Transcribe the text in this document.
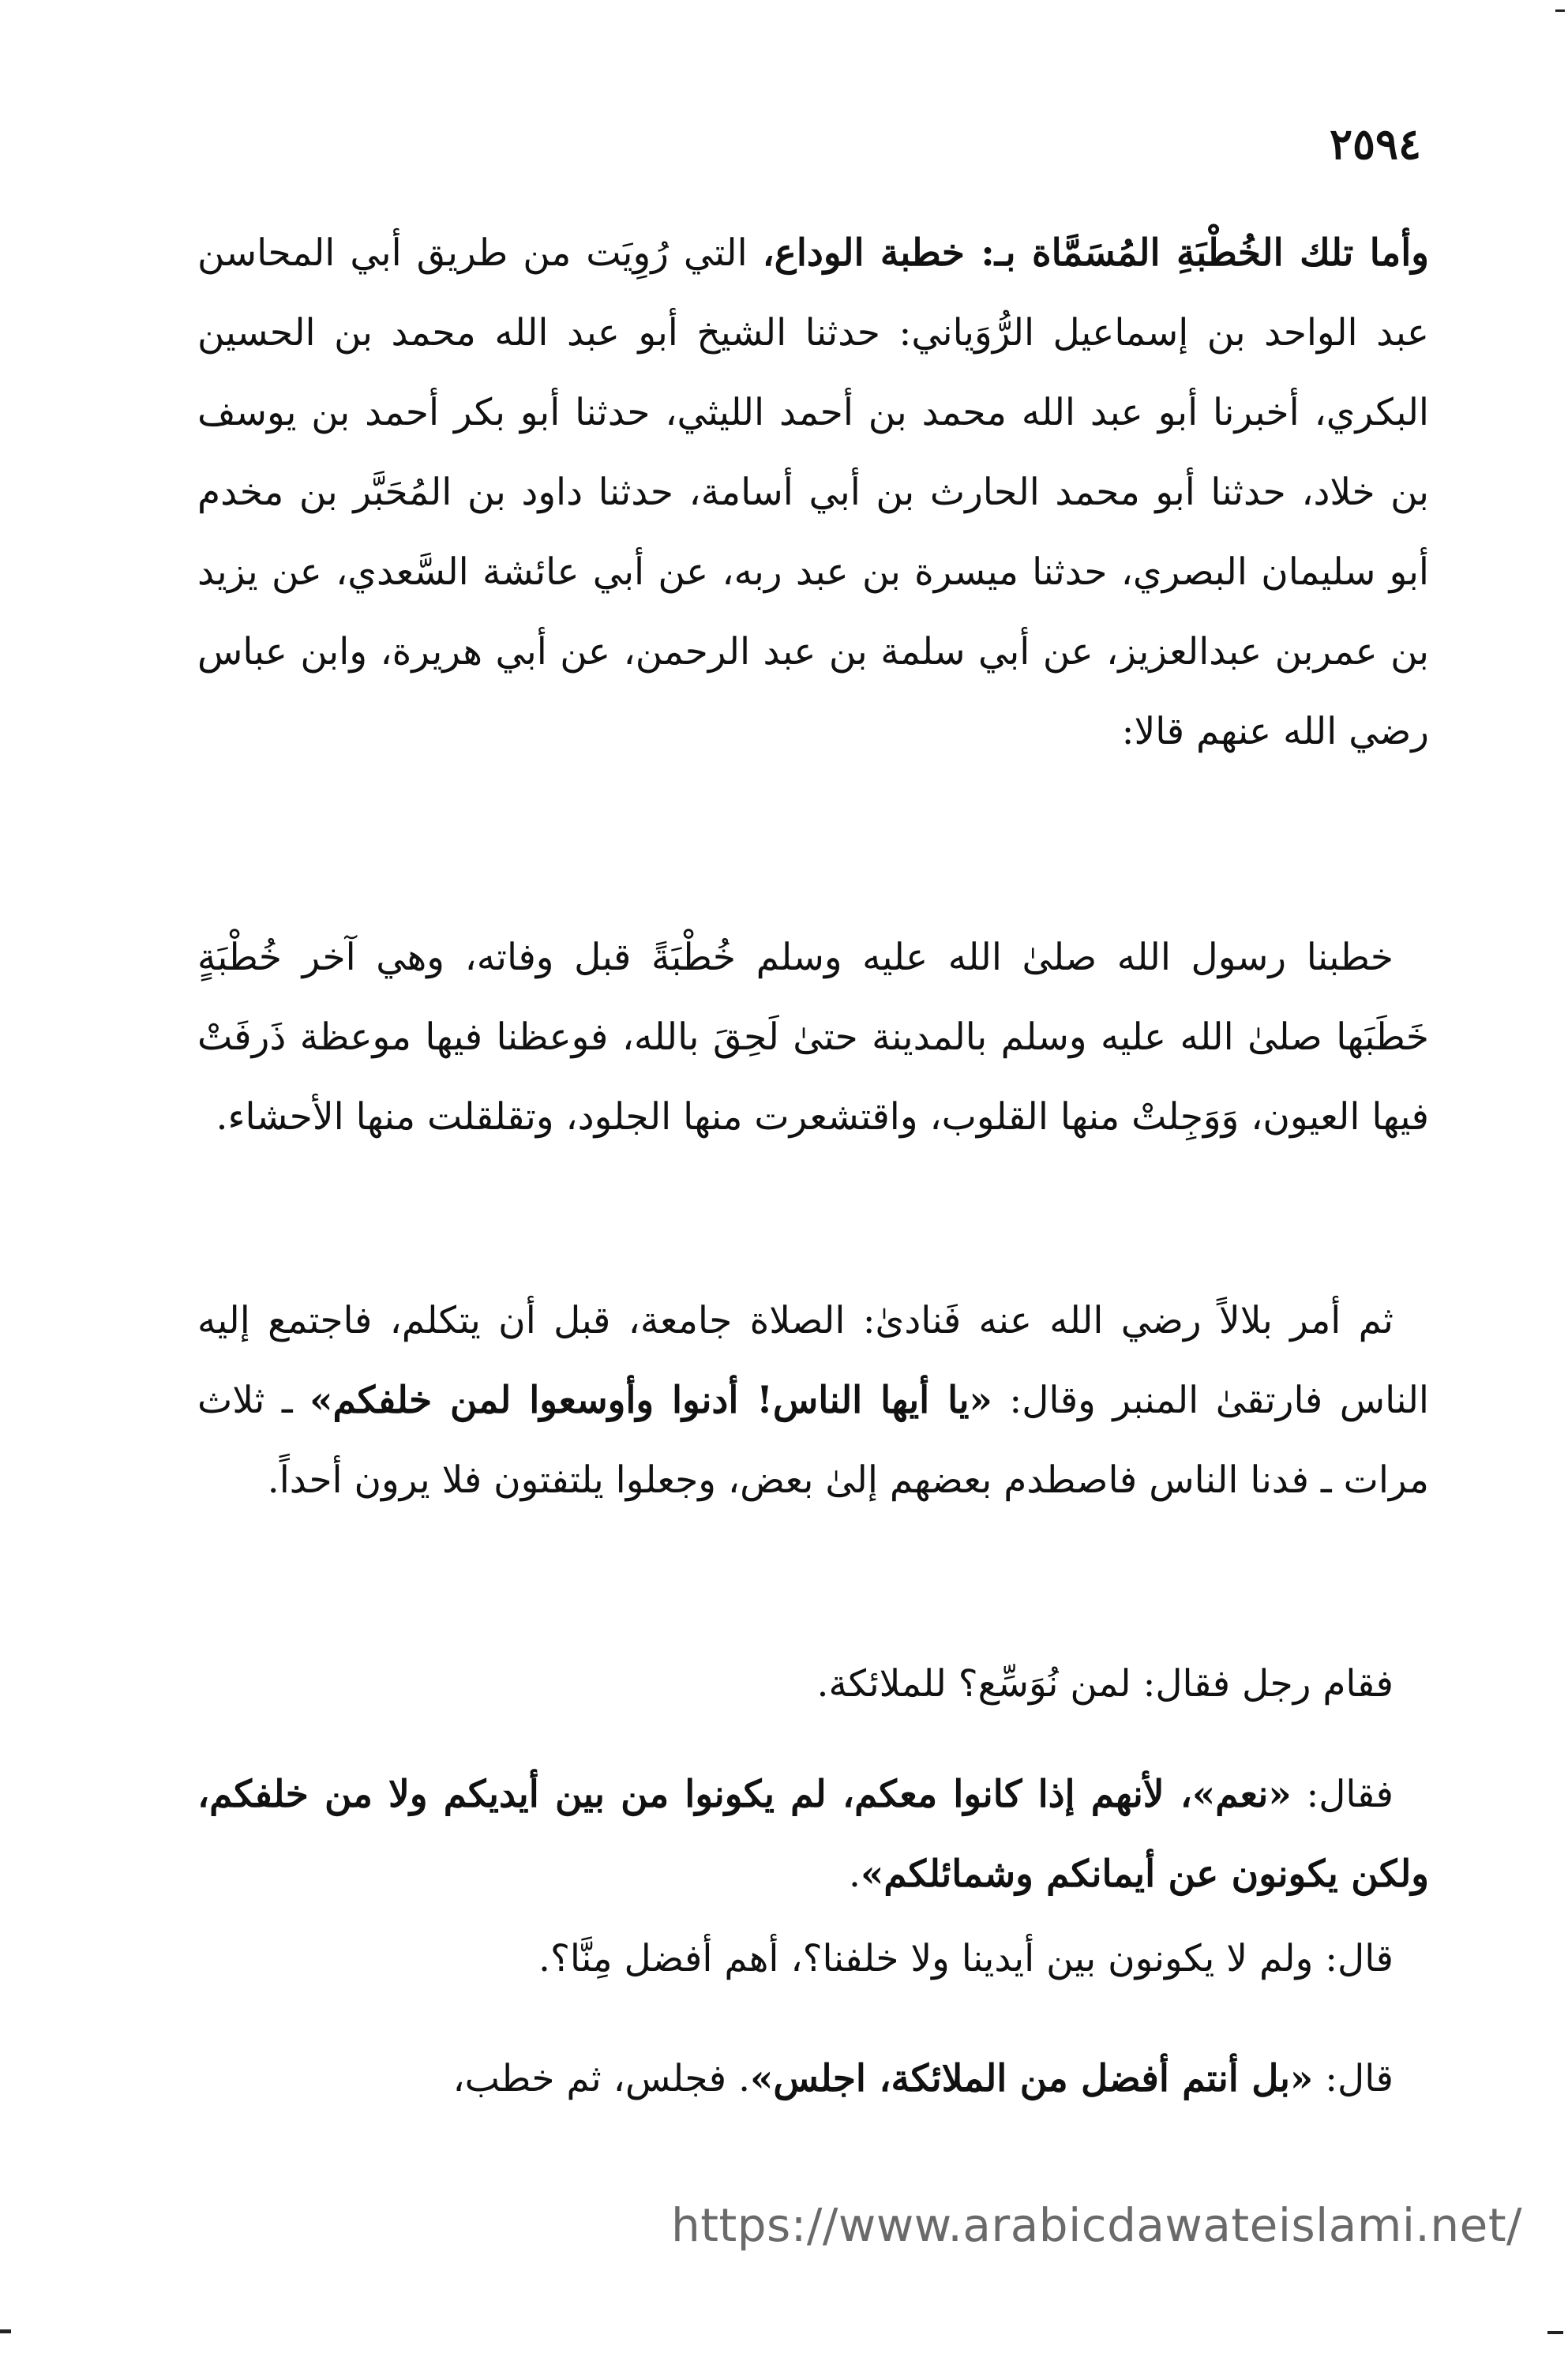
٢٥٩٤

وأما تلك الخُطْبَةِ المُسَمَّاة بـ: خطبة الوداع، التي رُوِيَت من طريق أبي المحاسن عبد الواحد بن إسماعيل الرُّوَياني: حدثنا الشيخ أبو عبد الله محمد بن الحسين البكري، أخبرنا أبو عبد الله محمد بن أحمد الليثي، حدثنا أبو بكر أحمد بن يوسف بن خلاد، حدثنا أبو محمد الحارث بن أبي أسامة، حدثنا داود بن المُحَبَّر بن مخدم أبو سليمان البصري، حدثنا ميسرة بن عبد ربه، عن أبي عائشة السَّعدي، عن يزيد بن عمربن عبدالعزيز، عن أبي سلمة بن عبد الرحمن، عن أبي هريرة، وابن عباس رضي الله عنهم قالا:

خطبنا رسول الله صلىٰ الله عليه وسلم خُطْبَةً قبل وفاته، وهي آخر خُطْبَةٍ خَطَبَها صلىٰ الله عليه وسلم بالمدينة حتىٰ لَحِقَ بالله، فوعظنا فيها موعظة ذَرفَتْ فيها العيون، وَوَجِلتْ منها القلوب، واقتشعرت منها الجلود، وتقلقلت منها الأحشاء.

ثم أمر بلالاً رضي الله عنه فَنادىٰ: الصلاة جامعة، قبل أن يتكلم، فاجتمع إليه الناس فارتقىٰ المنبر وقال: «يا أيها الناس! أدنوا وأوسعوا لمن خلفكم» ـ ثلاث مرات ـ فدنا الناس فاصطدم بعضهم إلىٰ بعض، وجعلوا يلتفتون فلا يرون أحداً.

فقام رجل فقال: لمن نُوَسِّع؟ للملائكة.

فقال: «نعم»، لأنهم إذا كانوا معكم، لم يكونوا من بين أيديكم ولا من خلفكم، ولكن يكونون عن أيمانكم وشمائلكم».

قال: ولم لا يكونون بين أيدينا ولا خلفنا؟، أهم أفضل مِنَّا؟.

قال: «بل أنتم أفضل من الملائكة، اجلس». فجلس، ثم خطب،

https://www.arabicdawateislami.net/
